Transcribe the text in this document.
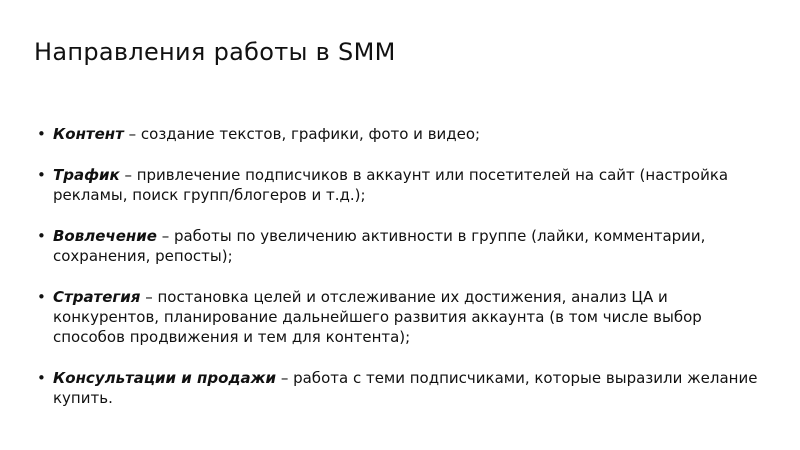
Направления работы в SMM
• Контент – создание текстов, графики, фото и видео;
• Трафик – привлечение подписчиков в аккаунт или посетителей на сайт (настройка рекламы, поиск групп/блогеров и т.д.);
• Вовлечение – работы по увеличению активности в группе (лайки, комментарии, сохранения, репосты);
• Стратегия – постановка целей и отслеживание их достижения, анализ ЦА и конкурентов, планирование дальнейшего развития аккаунта (в том числе выбор способов продвижения и тем для контента);
• Консультации и продажи – работа с теми подписчиками, которые выразили желание купить.
